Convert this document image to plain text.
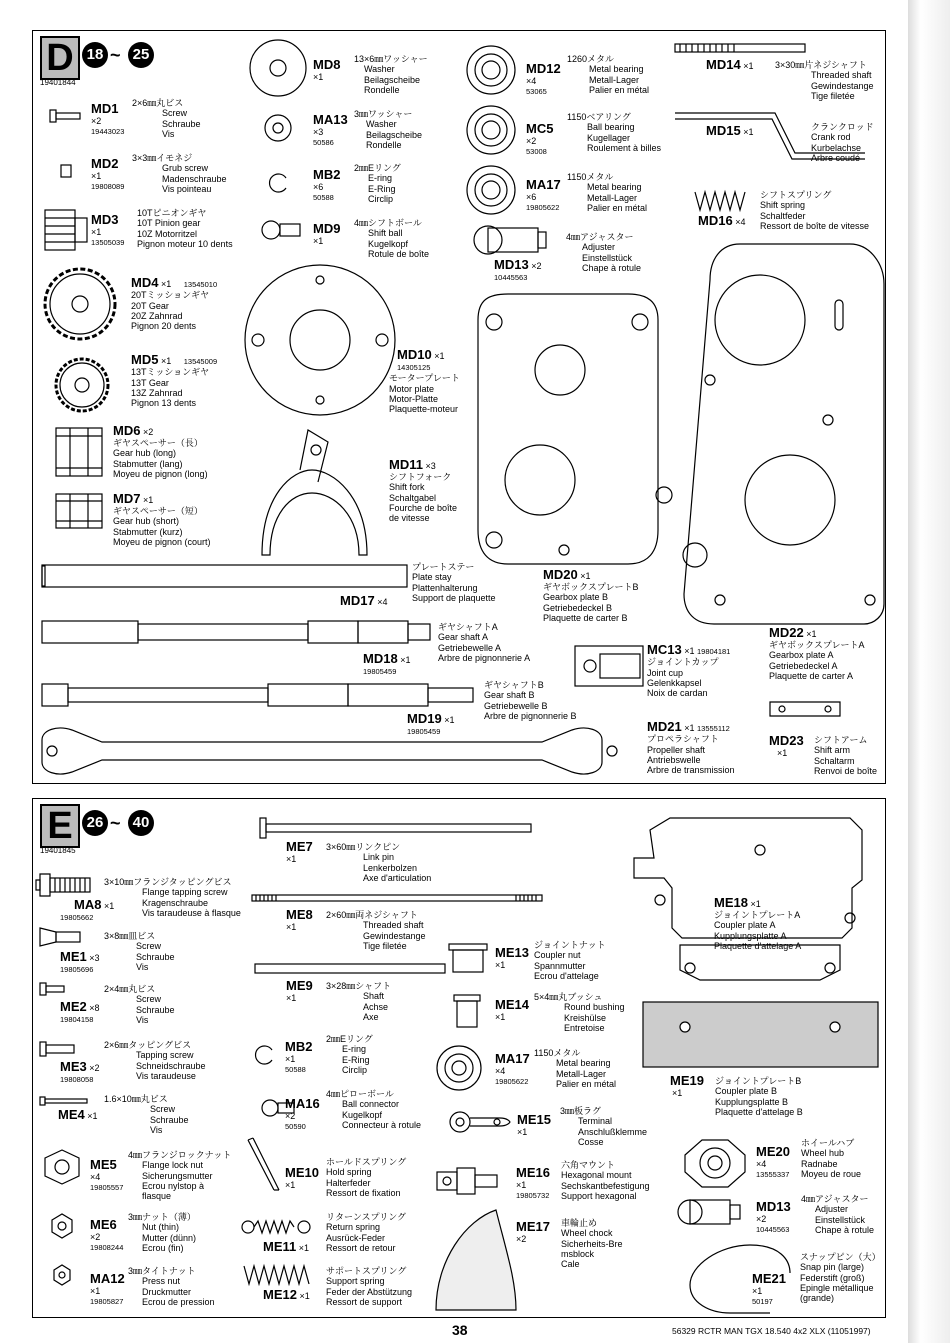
D 18 ~ 25
19401844
MD1
×2
19443023
2×6㎜丸ビス
Screw
Schraube
Vis
MD2
×1
19808089
3×3㎜イモネジ
Grub screw
Madenschraube
Vis pointeau
MD3
×1
13505039
10Tピニオンギヤ
10T Pinion gear
10Z Motorritzel
Pignon moteur 10 dents
MD4 ×1 13545010
20Tミッションギヤ
20T Gear
20Z Zahnrad
Pignon 20 dents
MD5 ×1 13545009
13Tミッションギヤ
13T Gear
13Z Zahnrad
Pignon 13 dents
MD6 ×2
ギヤスペーサー（長）
Gear hub (long)
Stabmutter (lang)
Moyeu de pignon (long)
MD7 ×1
ギヤスペーサー（短）
Gear hub (short)
Stabmutter (kurz)
Moyeu de pignon (court)
MD8
×1
13×6㎜ワッシャー
Washer
Beilagscheibe
Rondelle
MA13
×3
50586
3㎜ワッシャー
Washer
Beilagscheibe
Rondelle
MB2
×6
50588
2㎜Eリング
E-ring
E-Ring
Circlip
MD9
×1
4㎜シフトボール
Shift ball
Kugelkopf
Rotule de boîte
MD10 ×1
14305125
モータープレート
Motor plate
Motor-Platte
Plaquette-moteur
MD11 ×3
シフトフォーク
Shift fork
Schaltgabel
Fourche de boîte
de vitesse
MD12
×4
53065
1260メタル
Metal bearing
Metall-Lager
Palier en métal
MC5
×2
53008
1150ベアリング
Ball bearing
Kugellager
Roulement à billes
MA17
×6
19805622
1150メタル
Metal bearing
Metall-Lager
Palier en métal
MD13 ×2
10445563
4㎜アジャスター
Adjuster
Einstellstück
Chape à rotule
MD14 ×1 3×30㎜片ネジシャフト
Threaded shaft
Gewindestange
Tige filetée
MD15 ×1	クランクロッド
Crank rod
Kurbelachse
Arbre coudé
MD16 ×4
シフトスプリング
Shift spring
Schaltfeder
Ressort de boîte de vitesse
プレートステー
Plate stay
Plattenhalterung
Support de plaquette
MD17 ×4
ギヤシャフトA
Gear shaft A
Getriebewelle A
Arbre de pignonnerie A
MD18 ×1
19805459
ギヤシャフトB
Gear shaft B
Getriebewelle B
Arbre de pignonnerie B
MD19 ×1
19805459
MD20 ×1
ギヤボックスプレートB
Gearbox plate B
Getriebedeckel B
Plaquette de carter B
MC13 ×1 19804181
ジョイントカップ
Joint cup
Gelenkkapsel
Noix de cardan
MD21 ×1 13555112
プロペラシャフト
Propeller shaft
Antriebswelle
Arbre de transmission
MD22 ×1
ギヤボックスプレートA
Gearbox plate A
Getriebedeckel A
Plaquette de carter A
MD23
×1
シフトアーム
Shift arm
Schaltarm
Renvoi de boîte
E 26 ~ 40
19401845
3×10㎜フランジタッピングビス
Flange tapping screw
Kragenschraube
Vis taraudeuse à flasque
MA8 ×1
19805662
ME1 ×3
19805696
3×8㎜皿ビス
Screw
Schraube
Vis
ME2 ×8
19804158
2×4㎜丸ビス
Screw
Schraube
Vis
ME3 ×2
19808058
2×6㎜タッピングビス
Tapping screw
Schneidschraube
Vis taraudeuse
ME4 ×1
1.6×10㎜丸ビス
Screw
Schraube
Vis
ME5
×4
19805557
4㎜フランジロックナット
Flange lock nut
Sicherungsmutter
Ecrou nylstop à
flasque
ME6
×2
19808244
3㎜ナット（薄）
Nut (thin)
Mutter (dünn)
Ecrou (fin)
MA12
×1
19805827
3㎜タイトナット
Press nut
Druckmutter
Ecrou de pression
ME7
×1
3×60㎜リンクピン
Link pin
Lenkerbolzen
Axe d'articulation
ME8
×1
2×60㎜両ネジシャフト
Threaded shaft
Gewindestange
Tige filetée
ME9
×1
3×28㎜シャフト
Shaft
Achse
Axe
MB2
×1
50588
2㎜Eリング
E-ring
E-Ring
Circlip
MA16
×2
50590
4㎜ピローボール
Ball connector
Kugelkopf
Connecteur à rotule
ME10
×1
ホールドスプリング
Hold spring
Halterfeder
Ressort de fixation
ME11 ×1
リターンスプリング
Return spring
Ausrück-Feder
Ressort de retour
ME12 ×1
サポートスプリング
Support spring
Feder der Abstützung
Ressort de support
ME13
×1
ジョイントナット
Coupler nut
Spannmutter
Ecrou d'attelage
ME14
×1
5×4㎜丸ブッシュ
Round bushing
Kreishülse
Entretoise
MA17
×4
19805622
1150メタル
Metal bearing
Metall-Lager
Palier en métal
ME15
×1
3㎜板ラグ
Terminal
Anschlußklemme
Cosse
ME16
×1
19805732
六角マウント
Hexagonal mount
Sechskantbefestigung
Support hexagonal
ME17
×2
車輪止め
Wheel chock
Sicherheits-Bre
msblock
Cale
ME18 ×1
ジョイントプレートA
Coupler plate A
Kupplungsplatte A
Plaquette d'attelage A
ME19
×1
ジョイントプレートB
Coupler plate B
Kupplungsplatte B
Plaquette d'attelage B
ME20
×4
13555337
ホイールハブ
Wheel hub
Radnabe
Moyeu de roue
MD13
×2
10445563
4㎜アジャスター
Adjuster
Einstellstück
Chape à rotule
ME21
×1
50197
スナップピン（大）
Snap pin (large)
Federstift (groß)
Epingle métallique
(grande)
38	56329 RCTR MAN TGX 18.540 4x2 XLX (11051997)
